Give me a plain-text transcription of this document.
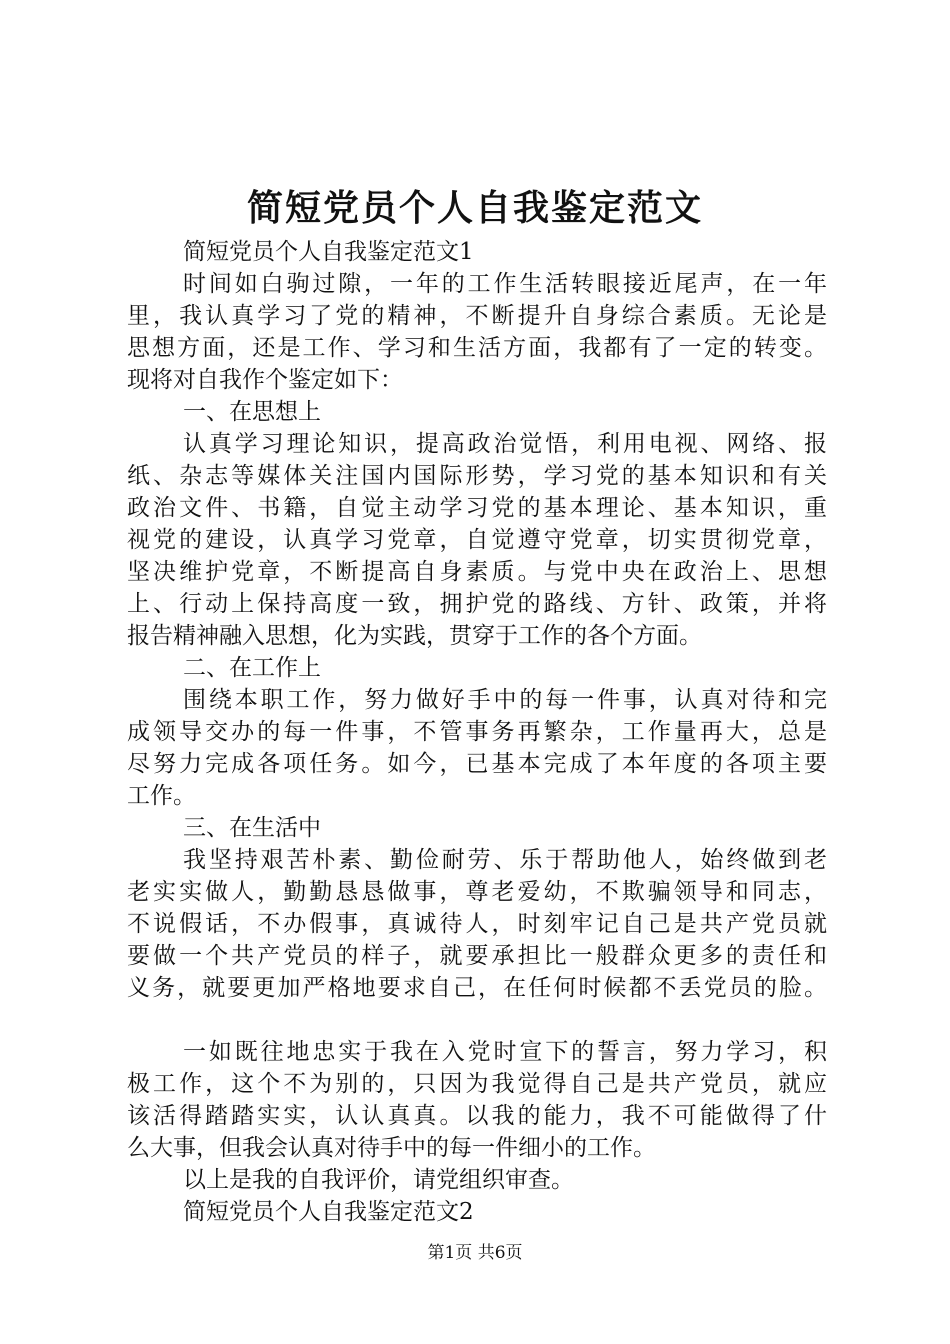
简短党员个人自我鉴定范文
简短党员个人自我鉴定范文1
时间如白驹过隙，一年的工作生活转眼接近尾声，在一年
里，我认真学习了党的精神，不断提升自身综合素质。无论是
思想方面，还是工作、学习和生活方面，我都有了一定的转变。
现将对自我作个鉴定如下：
一、在思想上
认真学习理论知识，提高政治觉悟，利用电视、网络、报
纸、杂志等媒体关注国内国际形势，学习党的基本知识和有关
政治文件、书籍，自觉主动学习党的基本理论、基本知识，重
视党的建设，认真学习党章，自觉遵守党章，切实贯彻党章，
坚决维护党章，不断提高自身素质。与党中央在政治上、思想
上、行动上保持高度一致，拥护党的路线、方针、政策，并将
报告精神融入思想，化为实践，贯穿于工作的各个方面。
二、在工作上
围绕本职工作，努力做好手中的每一件事，认真对待和完
成领导交办的每一件事，不管事务再繁杂，工作量再大，总是
尽努力完成各项任务。如今，已基本完成了本年度的各项主要
工作。
三、在生活中
我坚持艰苦朴素、勤俭耐劳、乐于帮助他人，始终做到老
老实实做人，勤勤恳恳做事，尊老爱幼，不欺骗领导和同志，
不说假话，不办假事，真诚待人，时刻牢记自己是共产党员就
要做一个共产党员的样子，就要承担比一般群众更多的责任和
义务，就要更加严格地要求自己，在任何时候都不丢党员的脸。
一如既往地忠实于我在入党时宣下的誓言，努力学习，积
极工作，这个不为别的，只因为我觉得自己是共产党员，就应
该活得踏踏实实，认认真真。以我的能力，我不可能做得了什
么大事，但我会认真对待手中的每一件细小的工作。
以上是我的自我评价，请党组织审查。
简短党员个人自我鉴定范文2
第1页 共6页
